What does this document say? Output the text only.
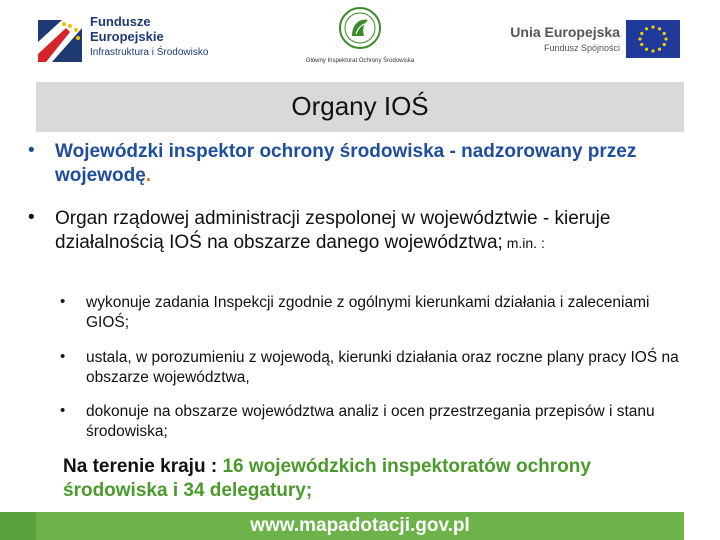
Fundusze
Europejskie
Infrastruktura i Środowisko
Główny Inspektorat Ochrony Środowiska
Unia Europejska
Fundusz Spójności
Organy IOŚ
• Wojewódzki inspektor ochrony środowiska - nadzorowany przez wojewodę.
• Organ rządowej administracji zespolonej w województwie - kieruje działalnością IOŚ na obszarze danego województwa; m.in. :
• wykonuje zadania Inspekcji zgodnie z ogólnymi kierunkami działania i zaleceniami GIOŚ;
• ustala, w porozumieniu z wojewodą, kierunki działania oraz roczne plany pracy IOŚ na obszarze województwa,
• dokonuje na obszarze województwa analiz i ocen przestrzegania przepisów i stanu środowiska;
Na terenie kraju : 16 wojewódzkich inspektoratów ochrony środowiska i 34 delegatury;
www.mapadotacji.gov.pl
